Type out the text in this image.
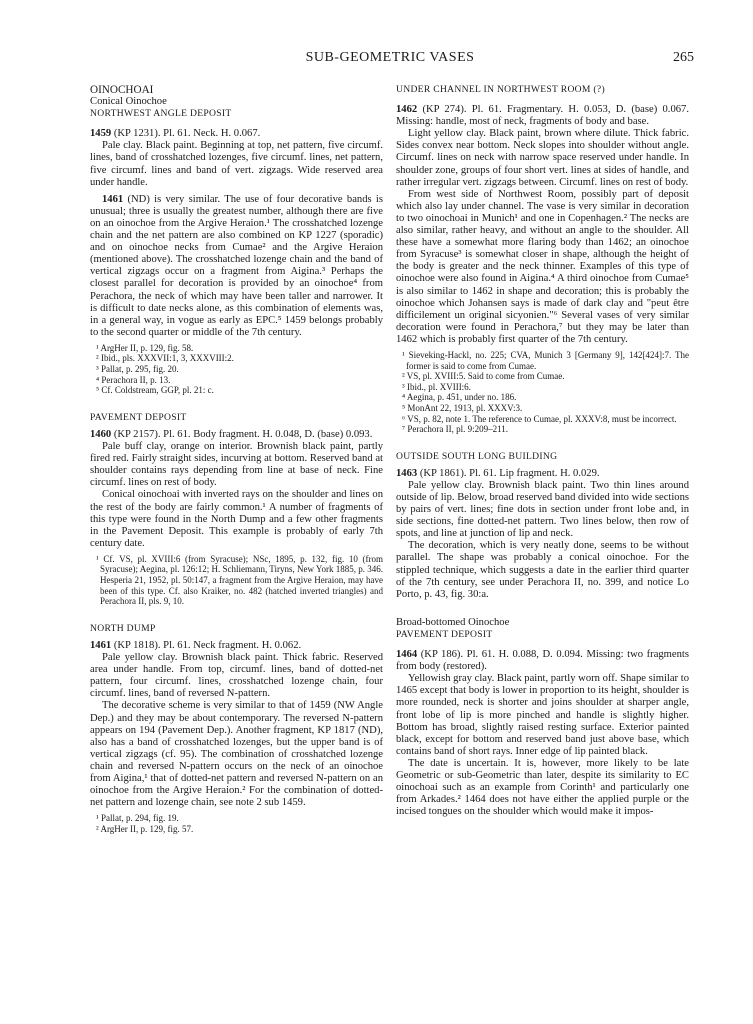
SUB-GEOMETRIC VASES	265

OINOCHOAI

Conical Oinochoe

NORTHWEST ANGLE DEPOSIT

1459 (KP 1231). Pl. 61. Neck. H. 0.067.

Pale clay. Black paint. Beginning at top, net pattern, five circumf. lines, band of crosshatched lozenges, five circumf. lines, net pattern, five circumf. lines and band of vert. zigzags. Wide reserved area under handle.

1461 (ND) is very similar. The use of four decorative bands is unusual; three is usually the greatest number, although there are five on an oinochoe from the Argive Heraion.¹ The crosshatched lozenge chain and the net pattern are also combined on KP 1227 (sporadic) and on oinochoe necks from Cumae² and the Argive Heraion (mentioned above). The crosshatched lozenge chain and the band of vertical zigzags occur on a fragment from Aigina.³ Perhaps the closest parallel for decoration is provided by an oinochoe⁴ from Perachora, the neck of which may have been taller and narrower. It is difficult to date necks alone, as this combination of elements was, in a general way, in vogue as early as EPC.⁵ 1459 belongs probably to the second quarter or middle of the 7th century.

¹ ArgHer II, p. 129, fig. 58.
² Ibid., pls. XXXVII:1, 3, XXXVIII:2.
³ Pallat, p. 295, fig. 20.
⁴ Perachora II, p. 13.
⁵ Cf. Coldstream, GGP, pl. 21: c.

PAVEMENT DEPOSIT

1460 (KP 2157). Pl. 61. Body fragment. H. 0.048, D. (base) 0.093.

Pale buff clay, orange on interior. Brownish black paint, partly fired red. Fairly straight sides, incurving at bottom. Reserved band at shoulder contains rays depending from line at base of neck. Fine circumf. lines on rest of body.

Conical oinochoai with inverted rays on the shoulder and lines on the rest of the body are fairly common.¹ A number of fragments of this type were found in the North Dump and a few other fragments in the Pavement Deposit. This example is probably of early 7th century date.

¹ Cf. VS, pl. XVIII:6 (from Syracuse); NSc, 1895, p. 132, fig. 10 (from Syracuse); Aegina, pl. 126:12; H. Schliemann, Tiryns, New York 1885, p. 346. Hesperia 21, 1952, pl. 50:147, a fragment from the Argive Heraion, may have been of this type. Cf. also Kraiker, no. 482 (hatched inverted triangles) and Perachora II, pls. 9, 10.

NORTH DUMP

1461 (KP 1818). Pl. 61. Neck fragment. H. 0.062.

Pale yellow clay. Brownish black paint. Thick fabric. Reserved area under handle. From top, circumf. lines, band of dotted-net pattern, four circumf. lines, crosshatched lozenge chain, four circumf. lines, band of reversed N-pattern.

The decorative scheme is very similar to that of 1459 (NW Angle Dep.) and they may be about contemporary. The reversed N-pattern appears on 194 (Pavement Dep.). Another fragment, KP 1817 (ND), also has a band of crosshatched lozenges, but the upper band is of vertical zigzags (cf. 95). The combination of crosshatched lozenge chain and reversed N-pattern occurs on the neck of an oinochoe from Aigina,¹ that of dotted-net pattern and reversed N-pattern on an oinochoe from the Argive Heraion.² For the combination of dotted-net pattern and lozenge chain, see note 2 sub 1459.

¹ Pallat, p. 294, fig. 19.
² ArgHer II, p. 129, fig. 57.

UNDER CHANNEL IN NORTHWEST ROOM (?)

1462 (KP 274). Pl. 61. Fragmentary. H. 0.053, D. (base) 0.067. Missing: handle, most of neck, fragments of body and base.

Light yellow clay. Black paint, brown where dilute. Thick fabric. Sides convex near bottom. Neck slopes into shoulder without angle. Circumf. lines on neck with narrow space reserved under handle. In shoulder zone, groups of four short vert. lines at sides of handle, and rather irregular vert. zigzags between. Circumf. lines on rest of body.

From west side of Northwest Room, possibly part of deposit which also lay under channel. The vase is very similar in decoration to two oinochoai in Munich¹ and one in Copenhagen.² The necks are also similar, rather heavy, and without an angle to the shoulder. All these have a somewhat more flaring body than 1462; an oinochoe from Syracuse³ is somewhat closer in shape, although the height of the body is greater and the neck thinner. Examples of this type of oinochoe were also found in Aigina.⁴ A third oinochoe from Cumae⁵ is also similar to 1462 in shape and decoration; this is probably the oinochoe which Johansen says is made of dark clay and "peut être difficilement un original sicyonien."⁶ Several vases of very similar decoration were found in Perachora,⁷ but they may be later than 1462 which is probably first quarter of the 7th century.

¹ Sieveking-Hackl, no. 225; CVA, Munich 3 [Germany 9], 142[424]:7. The former is said to come from Cumae.
² VS, pl. XVIII:5. Said to come from Cumae.
³ Ibid., pl. XVIII:6.
⁴ Aegina, p. 451, under no. 186.
⁵ MonAnt 22, 1913, pl. XXXV:3.
⁶ VS, p. 82, note 1. The reference to Cumae, pl. XXXV:8, must be incorrect.
⁷ Perachora II, pl. 9:209–211.

OUTSIDE SOUTH LONG BUILDING

1463 (KP 1861). Pl. 61. Lip fragment. H. 0.029.

Pale yellow clay. Brownish black paint. Two thin lines around outside of lip. Below, broad reserved band divided into wide sections by pairs of vert. lines; fine dots in section under front lobe and, in side sections, fine dotted-net pattern. Two lines below, then row of spots, and line at junction of lip and neck.

The decoration, which is very neatly done, seems to be without parallel. The shape was probably a conical oinochoe. For the stippled technique, which suggests a date in the earlier third quarter of the 7th century, see under Perachora II, no. 399, and notice Lo Porto, p. 43, fig. 30:a.

Broad-bottomed Oinochoe

PAVEMENT DEPOSIT

1464 (KP 186). Pl. 61. H. 0.088, D. 0.094. Missing: two fragments from body (restored).

Yellowish gray clay. Black paint, partly worn off. Shape similar to 1465 except that body is lower in proportion to its height, shoulder is more rounded, neck is shorter and joins shoulder at sharper angle, front lobe of lip is more pinched and handle is slightly higher. Bottom has broad, slightly raised resting surface. Exterior painted black, except for bottom and reserved band just above base, which contains band of short rays. Inner edge of lip painted black.

The date is uncertain. It is, however, more likely to be late Geometric or sub-Geometric than later, despite its similarity to EC oinochoai such as an example from Corinth¹ and particularly one from Arkades.² 1464 does not have either the applied purple or the incised tongues on the shoulder which would make it impos-
